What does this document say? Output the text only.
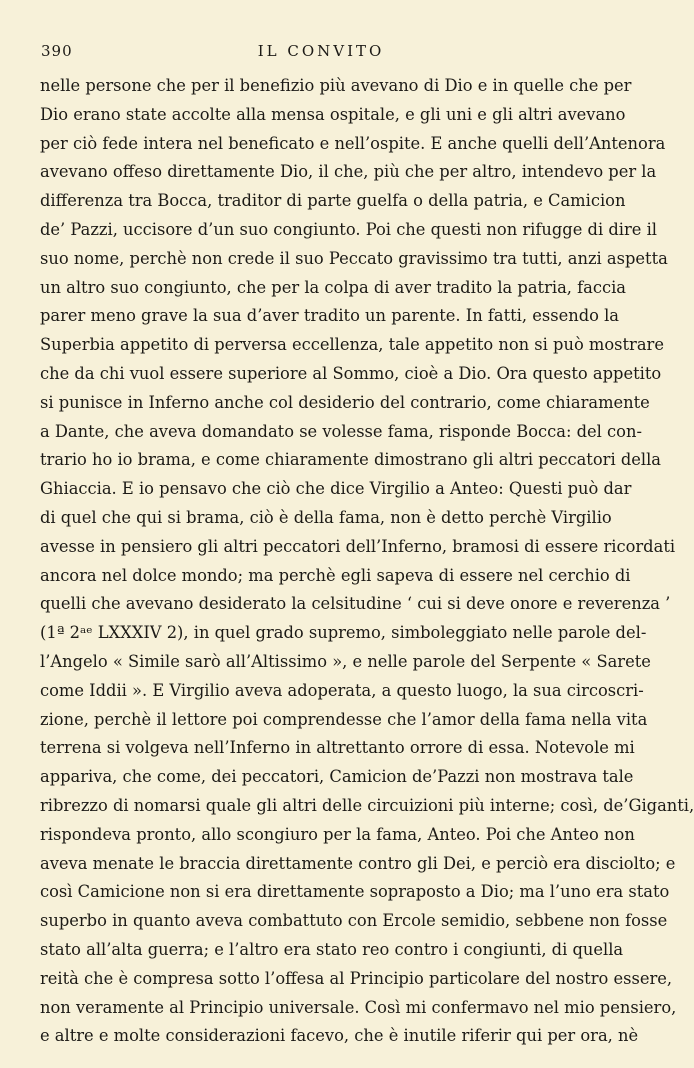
390	IL CONVITO
nelle persone che per il benefizio più avevano di Dio e in quelle che per
Dio erano state accolte alla mensa ospitale, e gli uni e gli altri avevano
per ciò fede intera nel beneficato e nell’ospite. E anche quelli dell’Antenora
avevano offeso direttamente Dio, il che, più che per altro, intendevo per la
differenza tra Bocca, traditor di parte guelfa o della patria, e Camicion
de’ Pazzi, uccisore d’un suo congiunto. Poi che questi non rifugge di dire il
suo nome, perchè non crede il suo Peccato gravissimo tra tutti, anzi aspetta
un altro suo congiunto, che per la colpa di aver tradito la patria, faccia
parer meno grave la sua d’aver tradito un parente. In fatti, essendo la
Superbia appetito di perversa eccellenza, tale appetito non si può mostrare
che da chi vuol essere superiore al Sommo, cioè a Dio. Ora questo appetito
si punisce in Inferno anche col desiderio del contrario, come chiaramente
a Dante, che aveva domandato se volesse fama, risponde Bocca: del con-
trario ho io brama, e come chiaramente dimostrano gli altri peccatori della
Ghiaccia. E io pensavo che ciò che dice Virgilio a Anteo: Questi può dar
di quel che qui si brama, ciò è della fama, non è detto perchè Virgilio
avesse in pensiero gli altri peccatori dell’Inferno, bramosi di essere ricordati
ancora nel dolce mondo; ma perchè egli sapeva di essere nel cerchio di
quelli che avevano desiderato la celsitudine ‘ cui si deve onore e reverenza ’
(1ª 2ᵃᵉ LXXXIV 2), in quel grado supremo, simboleggiato nelle parole del-
l’Angelo « Simile sarò all’Altissimo », e nelle parole del Serpente « Sarete
come Iddii ». E Virgilio aveva adoperata, a questo luogo, la sua circoscri-
zione, perchè il lettore poi comprendesse che l’amor della fama nella vita
terrena si volgeva nell’Inferno in altrettanto orrore di essa. Notevole mi
appariva, che come, dei peccatori, Camicion de’Pazzi non mostrava tale
ribrezzo di nomarsi quale gli altri delle circuizioni più interne; così, de’Giganti,
rispondeva pronto, allo scongiuro per la fama, Anteo. Poi che Anteo non
aveva menate le braccia direttamente contro gli Dei, e perciò era disciolto; e
così Camicione non si era direttamente sopraposto a Dio; ma l’uno era stato
superbo in quanto aveva combattuto con Ercole semidio, sebbene non fosse
stato all’alta guerra; e l’altro era stato reo contro i congiunti, di quella
reità che è compresa sotto l’offesa al Principio particolare del nostro essere,
non veramente al Principio universale. Così mi confermavo nel mio pensiero,
e altre e molte considerazioni facevo, che è inutile riferir qui per ora, nè
